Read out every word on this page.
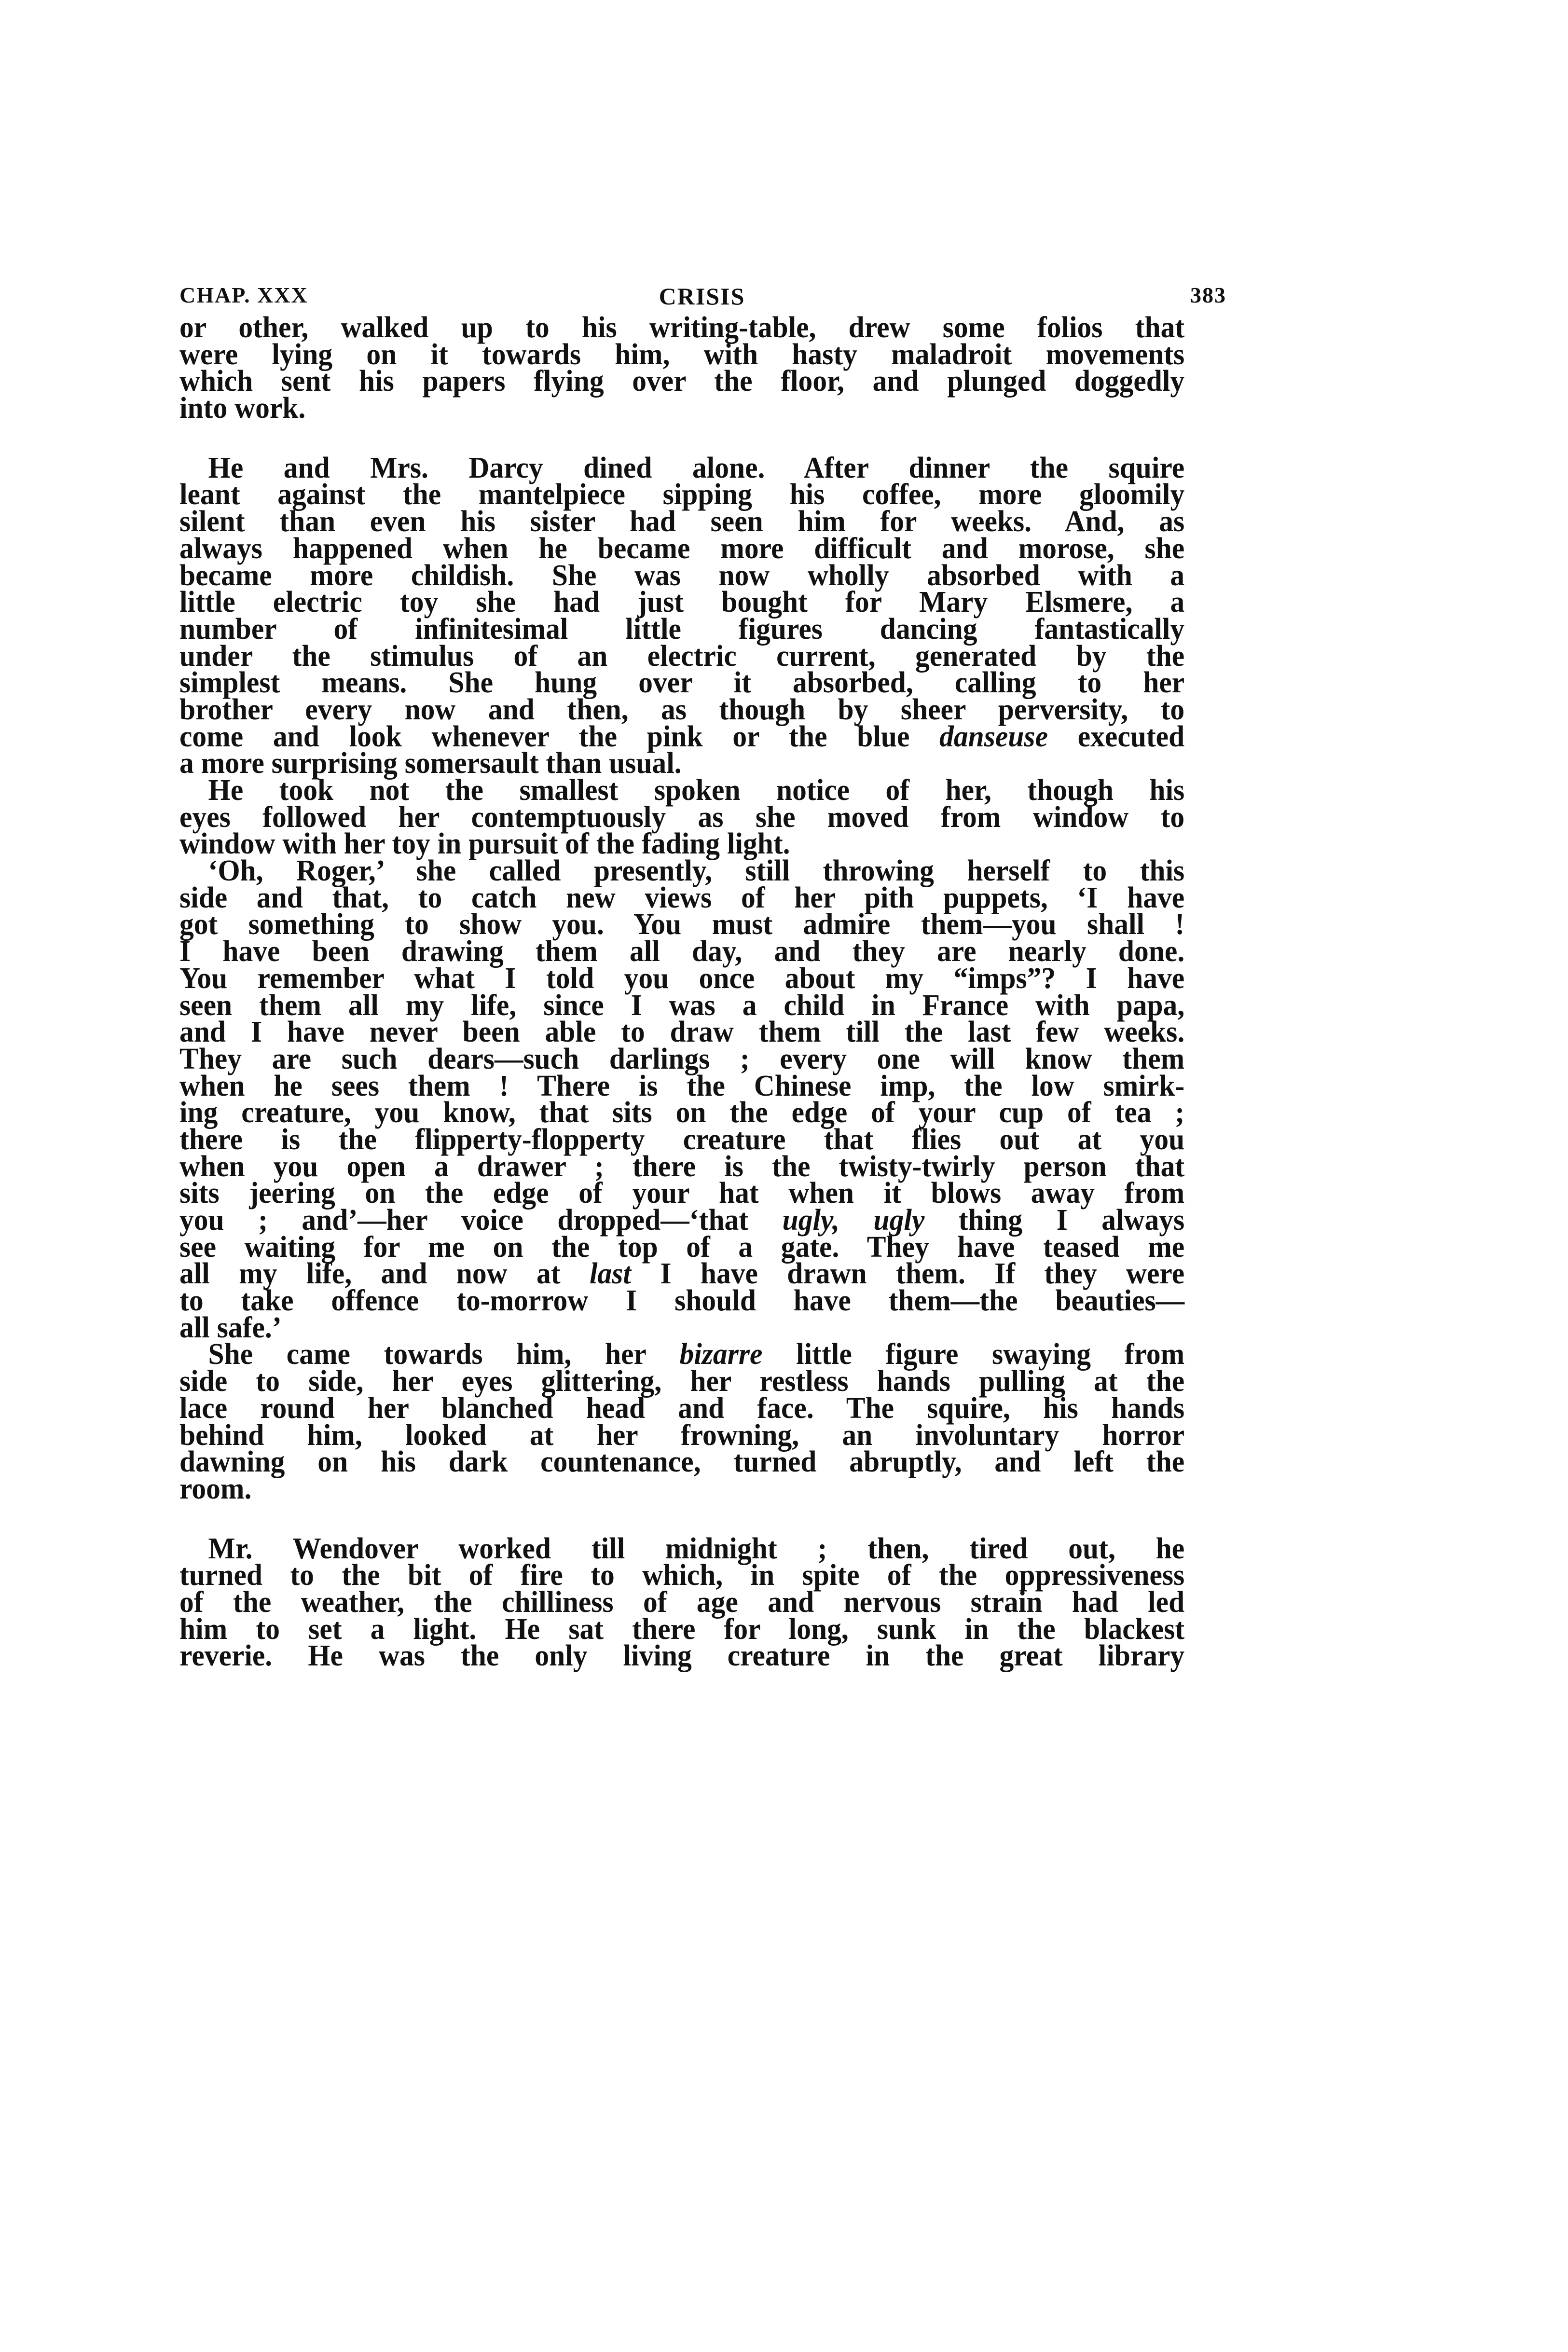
CHAP. XXX	CRISIS	383
or other, walked up to his writing-table, drew some folios that
were lying on it towards him, with hasty maladroit movements
which sent his papers flying over the floor, and plunged doggedly
into work.
He and Mrs. Darcy dined alone. After dinner the squire
leant against the mantelpiece sipping his coffee, more gloomily
silent than even his sister had seen him for weeks. And, as
always happened when he became more difficult and morose, she
became more childish. She was now wholly absorbed with a
little electric toy she had just bought for Mary Elsmere, a
number of infinitesimal little figures dancing fantastically
under the stimulus of an electric current, generated by the
simplest means. She hung over it absorbed, calling to her
brother every now and then, as though by sheer perversity, to
come and look whenever the pink or the blue danseuse executed
a more surprising somersault than usual.
He took not the smallest spoken notice of her, though his
eyes followed her contemptuously as she moved from window to
window with her toy in pursuit of the fading light.
‘Oh, Roger,’ she called presently, still throwing herself to this
side and that, to catch new views of her pith puppets, ‘I have
got something to show you. You must admire them—you shall !
I have been drawing them all day, and they are nearly done.
You remember what I told you once about my “imps”? I have
seen them all my life, since I was a child in France with papa,
and I have never been able to draw them till the last few weeks.
They are such dears—such darlings ; every one will know them
when he sees them ! There is the Chinese imp, the low smirk-
ing creature, you know, that sits on the edge of your cup of tea ;
there is the flipperty-flopperty creature that flies out at you
when you open a drawer ; there is the twisty-twirly person that
sits jeering on the edge of your hat when it blows away from
you ; and’—her voice dropped—‘that ugly, ugly thing I always
see waiting for me on the top of a gate. They have teased me
all my life, and now at last I have drawn them. If they were
to take offence to-morrow I should have them—the beauties—
all safe.’
She came towards him, her bizarre little figure swaying from
side to side, her eyes glittering, her restless hands pulling at the
lace round her blanched head and face. The squire, his hands
behind him, looked at her frowning, an involuntary horror
dawning on his dark countenance, turned abruptly, and left the
room.
Mr. Wendover worked till midnight ; then, tired out, he
turned to the bit of fire to which, in spite of the oppressiveness
of the weather, the chilliness of age and nervous strain had led
him to set a light. He sat there for long, sunk in the blackest
reverie. He was the only living creature in the great library
